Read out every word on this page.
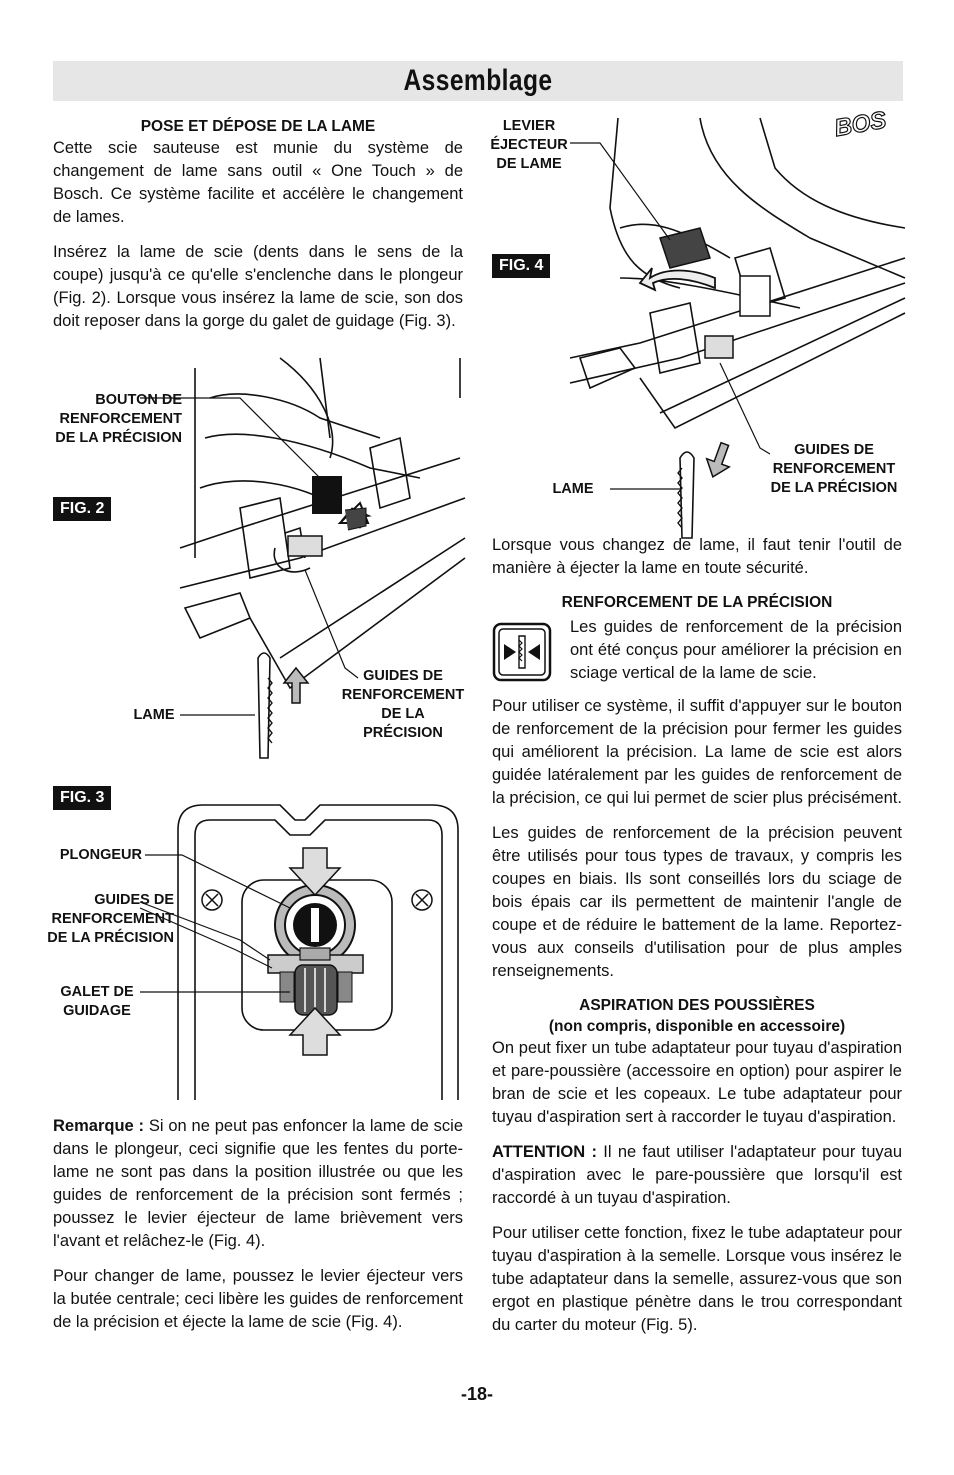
Assemblage
POSE ET DÉPOSE DE LA LAME

Cette scie sauteuse est munie du système de changement de lame sans outil « One Touch » de Bosch. Ce système facilite et accélère le changement de lames.

Insérez la lame de scie (dents dans le sens de la coupe) jusqu'à ce qu'elle s'enclenche dans le plongeur (Fig. 2). Lorsque vous insérez la lame de scie, son dos doit reposer dans la gorge du galet de guidage (Fig. 3).

FIG. 2
BOUTON DE RENFORCEMENT DE LA PRÉCISION
GUIDES DE RENFORCEMENT DE LA PRÉCISION
LAME
FIG. 3
PLONGEUR
GUIDES DE RENFORCEMENT DE LA PRÉCISION
GALET DE GUIDAGE

Remarque : Si on ne peut pas enfoncer la lame de scie dans le plongeur, ceci signifie que les fentes du porte-lame ne sont pas dans la position illustrée ou que les guides de renforcement de la précision sont fermés ; poussez le levier éjecteur de lame brièvement vers l'avant et relâchez-le (Fig. 4).

Pour changer de lame, poussez le levier éjecteur vers la butée centrale; ceci libère les guides de renforcement de la précision et éjecte la lame de scie (Fig. 4).

FIG. 4
LEVIER ÉJECTEUR DE LAME
GUIDES DE RENFORCEMENT DE LA PRÉCISION
LAME
BOS

Lorsque vous changez de lame, il faut tenir l'outil de manière à éjecter la lame en toute sécurité.

RENFORCEMENT DE LA PRÉCISION

Les guides de renforcement de la précision ont été conçus pour améliorer la précision en sciage vertical de la lame de scie.

Pour utiliser ce système, il suffit d'appuyer sur le bouton de renforcement de la précision pour fermer les guides qui améliorent la précision. La lame de scie est alors guidée latéralement par les guides de renforcement de la précision, ce qui lui permet de scier plus précisément.

Les guides de renforcement de la précision peuvent être utilisés pour tous types de travaux, y compris les coupes en biais. Ils sont conseillés lors du sciage de bois épais car ils permettent de maintenir l'angle de coupe et de réduire le battement de la lame. Reportez-vous aux conseils d'utilisation pour de plus amples renseignements.

ASPIRATION DES POUSSIÈRES
(non compris, disponible en accessoire)

On peut fixer un tube adaptateur pour tuyau d'aspiration et pare-poussière (accessoire en option) pour aspirer le bran de scie et les copeaux. Le tube adaptateur pour tuyau d'aspiration sert à raccorder le tuyau d'aspiration.

ATTENTION : Il ne faut utiliser l'adaptateur pour tuyau d'aspiration avec le pare-poussière que lorsqu'il est raccordé à un tuyau d'aspiration.

Pour utiliser cette fonction, fixez le tube adaptateur pour tuyau d'aspiration à la semelle. Lorsque vous insérez le tube adaptateur dans la semelle, assurez-vous que son ergot en plastique pénètre dans le trou correspondant du carter du moteur (Fig. 5).

-18-
